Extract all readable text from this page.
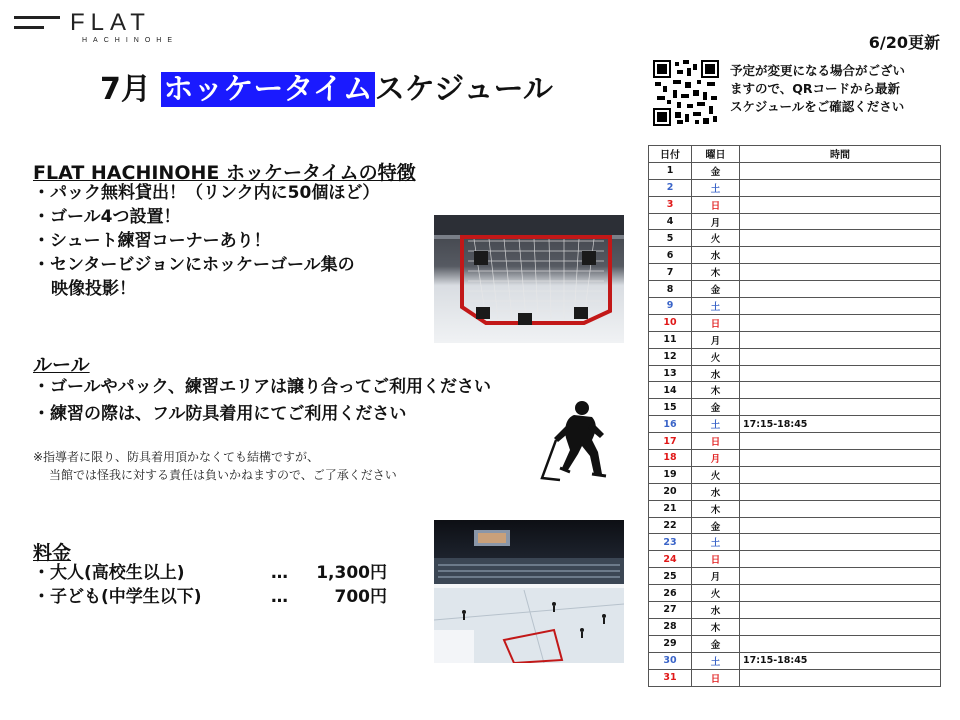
FLAT
HACHINOHE	6/20更新
7月 ホッケータイムスケジュール
予定が変更になる場合がござい
ますので、QRコードから最新
スケジュールをご確認ください
FLAT HACHINOHE ホッケータイムの特徴
・パック無料貸出！（リンク内に50個ほど）
・ゴール4つ設置！
・シュート練習コーナーあり！
・センタービジョンにホッケーゴール集の
映像投影！
ルール
・ゴールやパック、練習エリアは譲り合ってご利用ください
・練習の際は、フル防具着用にてご利用ください
※指導者に限り、防具着用頂かなくても結構ですが、
当館では怪我に対する責任は負いかねますので、ご了承ください
料金
・大人(高校生以上)	…	1,300円
・子ども(中学生以下)	…	700円
日付	曜日	時間
1	金	
2	土	
3	日	
4	月	
5	火	
6	水	
7	木	
8	金	
9	土	
10	日	
11	月	
12	火	
13	水	
14	木	
15	金	
16	土	17:15-18:45
17	日	
18	月	
19	火	
20	水	
21	木	
22	金	
23	土	
24	日	
25	月	
26	火	
27	水	
28	木	
29	金	
30	土	17:15-18:45
31	日	
